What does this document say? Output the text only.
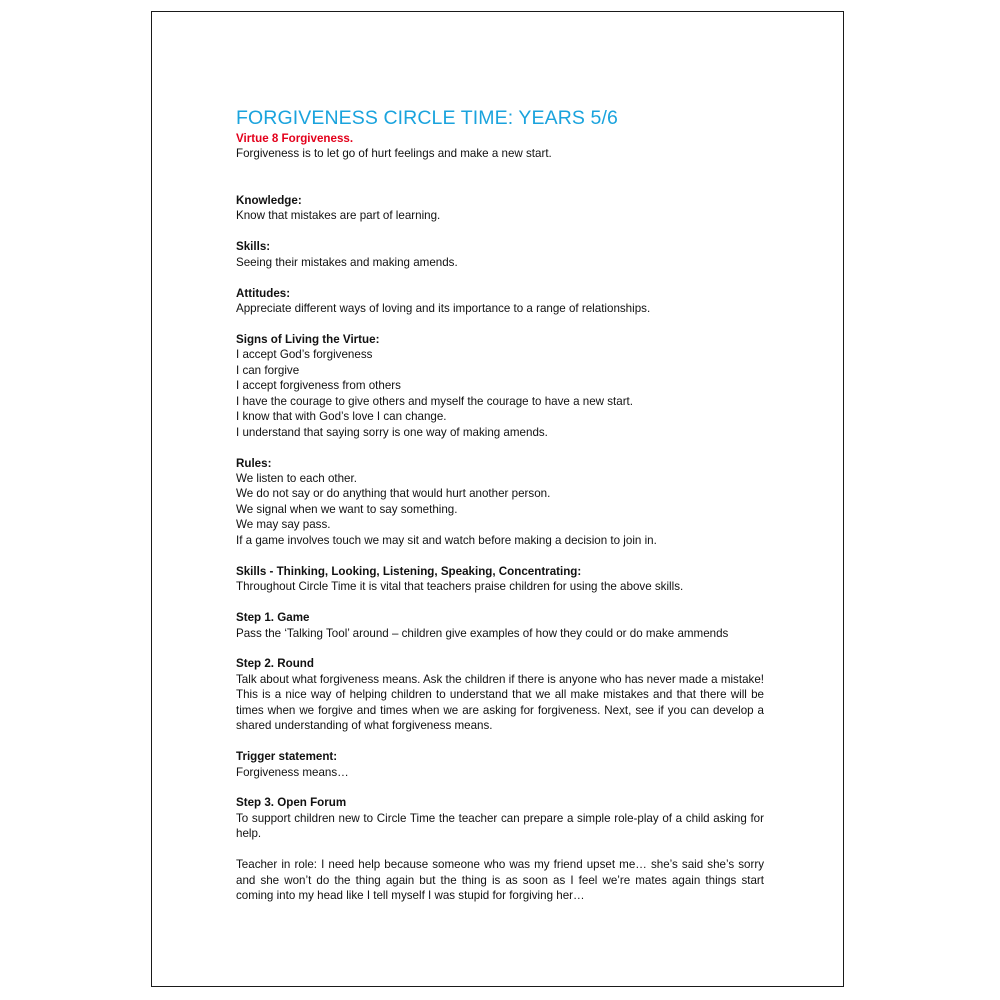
FORGIVENESS CIRCLE TIME: YEARS 5/6

Virtue 8 Forgiveness.

Forgiveness is to let go of hurt feelings and make a new start.

Knowledge:

Know that mistakes are part of learning.

Skills:

Seeing their mistakes and making amends.

Attitudes:

Appreciate different ways of loving and its importance to a range of relationships.

Signs of Living the Virtue:

I accept God’s forgiveness

I can forgive

I accept forgiveness from others

I have the courage to give others and myself the courage to have a new start.

I know that with God’s love I can change.

I understand that saying sorry is one way of making amends.

Rules:

We listen to each other.

We do not say or do anything that would hurt another person.

We signal when we want to say something.

We may say pass.

If a game involves touch we may sit and watch before making a decision to join in.

Skills - Thinking, Looking, Listening, Speaking, Concentrating:

Throughout Circle Time it is vital that teachers praise children for using the above skills.

Step 1. Game

Pass the ‘Talking Tool’ around – children give examples of how they could or do make ammends

Step 2. Round

Talk about what forgiveness means. Ask the children if there is anyone who has never made a mistake! This is a nice way of helping children to understand that we all make mistakes and that there will be times when we forgive and times when we are asking for forgiveness. Next, see if you can develop a shared understanding of what forgiveness means.

Trigger statement:

Forgiveness means…

Step 3. Open Forum

To support children new to Circle Time the teacher can prepare a simple role-play of a child asking for help.

Teacher in role: I need help because someone who was my friend upset me… she’s said she’s sorry and she won’t do the thing again but the thing is as soon as I feel we’re mates again things start coming into my head like I tell myself I was stupid for forgiving her…
